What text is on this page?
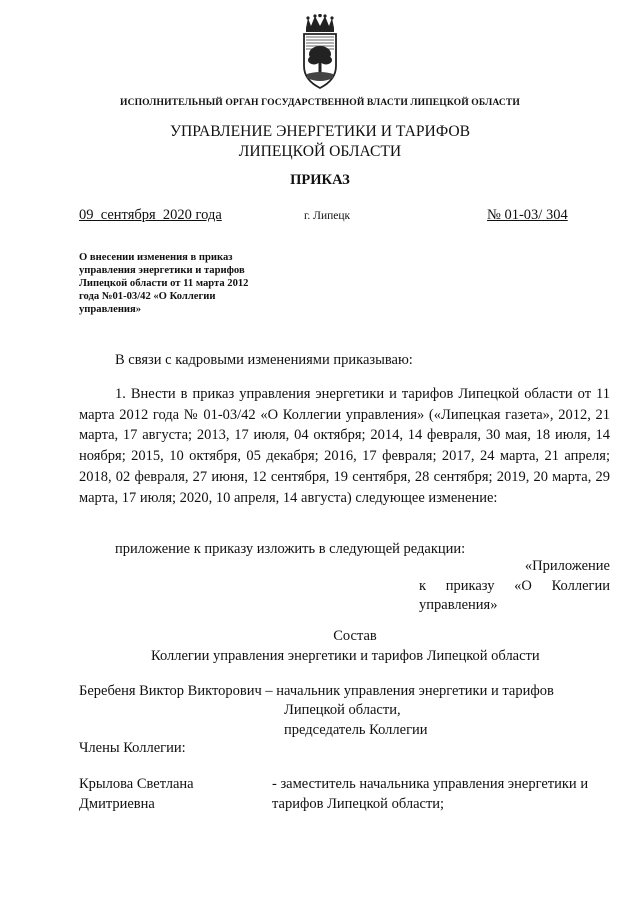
ИСПОЛНИТЕЛЬНЫЙ ОРГАН ГОСУДАРСТВЕННОЙ ВЛАСТИ ЛИПЕЦКОЙ ОБЛАСТИ
УПРАВЛЕНИЕ ЭНЕРГЕТИКИ И ТАРИФОВ
ЛИПЕЦКОЙ ОБЛАСТИ
ПРИКАЗ
09  сентября  2020 года	г. Липецк	№ 01-03/ 304
О внесении изменения в приказ
управления энергетики и тарифов
Липецкой области от 11 марта 2012
года №01-03/42 «О Коллегии
управления»
В связи с кадровыми изменениями приказываю:
1. Внести в приказ управления энергетики и тарифов Липецкой области от 11 марта 2012 года № 01-03/42 «О Коллегии управления» («Липецкая газета», 2012, 21 марта, 17 августа; 2013, 17 июля, 04 октября; 2014, 14 февраля, 30 мая, 18 июля, 14 ноября; 2015, 10 октября, 05 декабря; 2016, 17 февраля; 2017, 24 марта, 21 апреля; 2018, 02 февраля, 27 июня, 12 сентября, 19 сентября, 28 сентября; 2019, 20 марта, 29 марта, 17 июля; 2020, 10 апреля, 14 августа) следующее изменение:
приложение к приказу изложить в следующей редакции:
«Приложение
к приказу «О Коллегии
управления»
Состав
Коллегии управления энергетики и тарифов Липецкой области
Беребеня Виктор Викторович – начальник управления энергетики и тарифов
Липецкой области,
председатель Коллегии
Члены Коллегии:
Крылова Светлана
Дмитриевна
- заместитель начальника управления энергетики и
тарифов Липецкой области;
